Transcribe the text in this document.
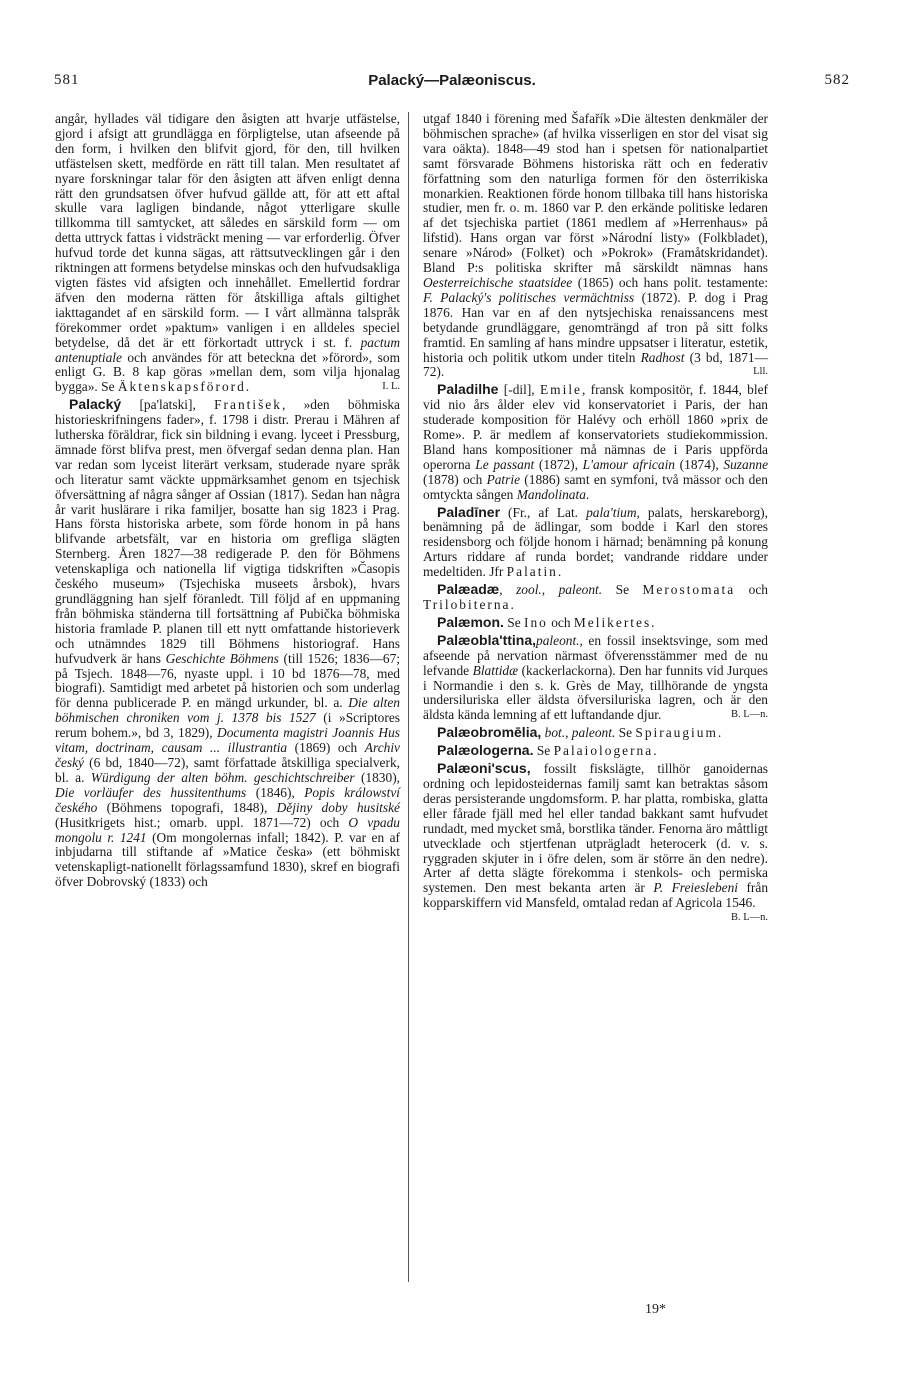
581	Palacký—Palæoniscus.	582

angår, hyllades väl tidigare den åsigten att hvarje utfästelse, gjord i afsigt att grundlägga en förpligtelse, utan afseende på den form, i hvilken den blifvit gjord, för den, till hvilken utfästelsen skett, medförde en rätt till talan. Men resultatet af nyare forskningar talar för den åsigten att äfven enligt denna rätt den grundsatsen öfver hufvud gällde att, för att ett aftal skulle vara lagligen bindande, något ytterligare skulle tillkomma till samtycket, att således en särskild form — om detta uttryck fattas i vidsträckt mening — var erforderlig. Öfver hufvud torde det kunna sägas, att rättsutvecklingen går i den riktningen att formens betydelse minskas och den hufvudsakliga vigten fästes vid afsigten och innehållet. Emellertid fordrar äfven den moderna rätten för åtskilliga aftals giltighet iakttagandet af en särskild form. — I vårt allmänna talspråk förekommer ordet »paktum» vanligen i en alldeles speciel betydelse, då det är ett förkortadt uttryck i st. f. pactum antenuptiale och användes för att beteckna det »förord», som enligt G. B. 8 kap göras »mellan dem, som vilja hjonalag bygga». Se Äktenskapsförord.	I. L.

Palacký [pa'latski], František, »den böhmiska historieskrifningens fader», f. 1798 i distr. Prerau i Mähren af lutherska föräldrar, fick sin bildning i evang. lyceet i Pressburg, ämnade först blifva prest, men öfvergaf sedan denna plan. Han var redan som lyceist literärt verksam, studerade nyare språk och literatur samt väckte uppmärksamhet genom en tsjechisk öfversättning af några sånger af Ossian (1817). Sedan han några år varit huslärare i rika familjer, bosatte han sig 1823 i Prag. Hans första historiska arbete, som förde honom in på hans blifvande arbetsfält, var en historia om grefliga slägten Sternberg. Åren 1827—38 redigerade P. den för Böhmens vetenskapliga och nationella lif vigtiga tidskriften »Časopis českého museum» (Tsjechiska museets årsbok), hvars grundläggning han sjelf föranledt. Till följd af en uppmaning från böhmiska ständerna till fortsättning af Pubička böhmiska historia framlade P. planen till ett nytt omfattande historieverk och utnämndes 1829 till Böhmens historiograf. Hans hufvudverk är hans Geschichte Böhmens (till 1526; 1836—67; på Tsjech. 1848—76, nyaste uppl. i 10 bd 1876—78, med biografi). Samtidigt med arbetet på historien och som underlag för denna publicerade P. en mängd urkunder, bl. a. Die alten böhmischen chroniken vom j. 1378 bis 1527 (i »Scriptores rerum bohem.», bd 3, 1829), Documenta magistri Joannis Hus vitam, doctrinam, causam ... illustrantia (1869) och Archiv český (6 bd, 1840—72), samt författade åtskilliga specialverk, bl. a. Würdigung der alten böhm. geschichtschreiber (1830), Die vorläufer des hussitenthums (1846), Popis králowství českého (Böhmens topografi, 1848), Dějiny doby husitské (Husitkrigets hist.; omarb. uppl. 1871—72) och O vpadu mongolu r. 1241 (Om mongolernas infall; 1842). P. var en af inbjudarna till stiftande af »Matice česka» (ett böhmiskt vetenskapligt-nationellt förlagssamfund 1830), skref en biografi öfver Dobrovský (1833) och

utgaf 1840 i förening med Šafařík »Die ältesten denkmäler der böhmischen sprache» (af hvilka visserligen en stor del visat sig vara oäkta). 1848—49 stod han i spetsen för nationalpartiet samt försvarade Böhmens historiska rätt och en federativ författning som den naturliga formen för den österrikiska monarkien. Reaktionen förde honom tillbaka till hans historiska studier, men fr. o. m. 1860 var P. den erkände politiske ledaren af det tsjechiska partiet (1861 medlem af »Herrenhaus» på lifstid). Hans organ var först »Národní listy» (Folkbladet), senare »Národ» (Folket) och »Pokrok» (Framåtskridandet). Bland P:s politiska skrifter må särskildt nämnas hans Oesterreichische staatsidee (1865) och hans polit. testamente: F. Palacký's politisches vermächtniss (1872). P. dog i Prag 1876. Han var en af den nytsjechiska renaissancens mest betydande grundläggare, genomträngd af tron på sitt folks framtid. En samling af hans mindre uppsatser i literatur, estetik, historia och politik utkom under titeln Radhost (3 bd, 1871—72).	Lll.

Paladilhe [-dil], Emile, fransk kompositör, f. 1844, blef vid nio års ålder elev vid konservatoriet i Paris, der han studerade komposition för Halévy och erhöll 1860 »prix de Rome». P. är medlem af konservatoriets studiekommission. Bland hans kompositioner må nämnas de i Paris uppförda operorna Le passant (1872), L'amour africain (1874), Suzanne (1878) och Patrie (1886) samt en symfoni, två mässor och den omtyckta sången Mandolinata.

Paladīner (Fr., af Lat. pala'tium, palats, herskareborg), benämning på de ädlingar, som bodde i Karl den stores residensborg och följde honom i härnad; benämning på konung Arturs riddare af runda bordet; vandrande riddare under medeltiden. Jfr Palatin.

Palæadæ, zool., paleont. Se Merostomata och Trilobiterna.

Palæmon. Se Ino och Melikertes.

Palæobla'ttina,paleont., en fossil insektsvinge, som med afseende på nervation närmast öfverensstämmer med de nu lefvande Blattidæ (kackerlackorna). Den har funnits vid Jurques i Normandie i den s. k. Grès de May, tillhörande de yngsta undersiluriska eller äldsta öfversiluriska lagren, och är den äldsta kända lemning af ett luftandande djur.	B. L—n.

Palæobromēlia, bot., paleont. Se Spiraugium.

Palæologerna. Se Palaiologerna.

Palæoni'scus, fossilt fiskslägte, tillhör ganoidernas ordning och lepidosteidernas familj samt kan betraktas såsom deras persisterande ungdomsform. P. har platta, rombiska, glatta eller fårade fjäll med hel eller tandad bakkant samt hufvudet rundadt, med mycket små, borstlika tänder. Fenorna äro måttligt utvecklade och stjertfenan utprägladt heterocerk (d. v. s. ryggraden skjuter in i öfre delen, som är större än den nedre). Arter af detta slägte förekomma i stenkols- och permiska systemen. Den mest bekanta arten är P. Freieslebeni från kopparskiffern vid Mansfeld, omtalad redan af Agricola 1546.
B. L—n.

19*
